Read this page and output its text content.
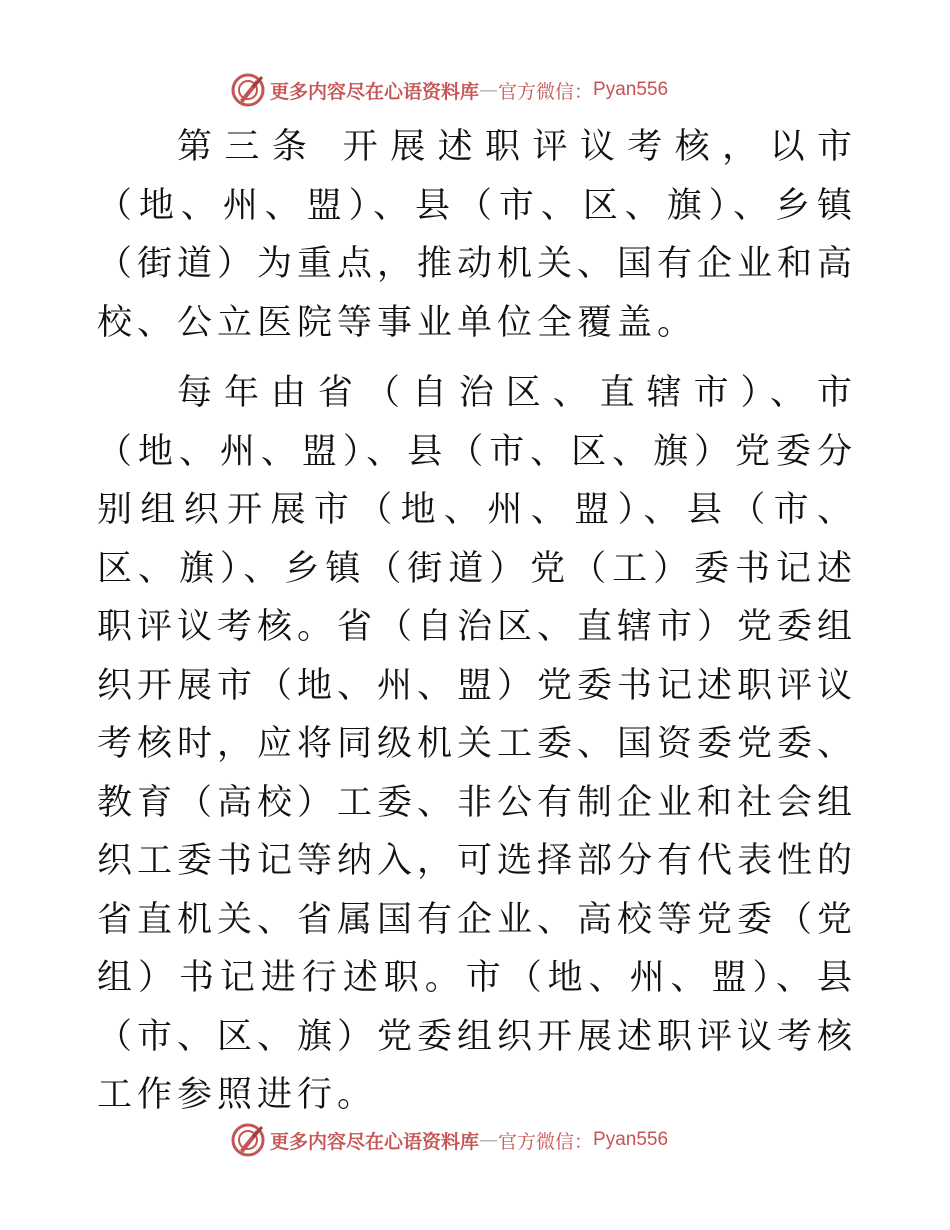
更多内容尽在心语资料库 — 官方微信： Pyan556

第三条 开展述职评议考核，以市（地、州、盟）、县（市、区、旗）、乡镇（街道）为重点，推动机关、国有企业和高校、公立医院等事业单位全覆盖。

每年由省（自治区、直辖市）、市（地、州、盟）、县（市、区、旗）党委分别组织开展市（地、州、盟）、县（市、区、旗）、乡镇（街道）党（工）委书记述职评议考核。省（自治区、直辖市）党委组织开展市（地、州、盟）党委书记述职评议考核时，应将同级机关工委、国资委党委、教育（高校）工委、非公有制企业和社会组织工委书记等纳入，可选择部分有代表性的省直机关、省属国有企业、高校等党委（党组）书记进行述职。市（地、州、盟）、县（市、区、旗）党委组织开展述职评议考核工作参照进行。

更多内容尽在心语资料库 — 官方微信： Pyan556
